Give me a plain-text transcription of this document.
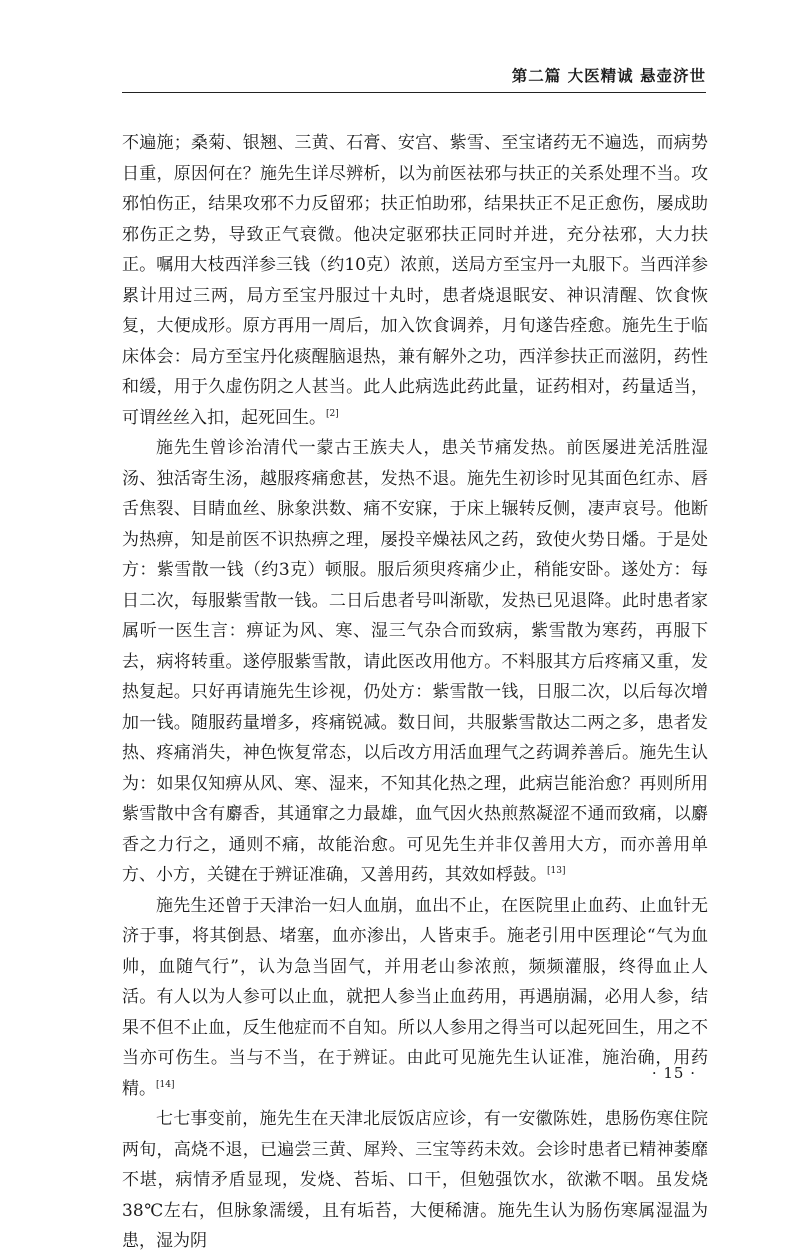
第二篇 大医精诚 悬壶济世

不遍施；桑菊、银翘、三黄、石膏、安宫、紫雪、至宝诸药无不遍选，而病势日重，原因何在？施先生详尽辨析，以为前医祛邪与扶正的关系处理不当。攻邪怕伤正，结果攻邪不力反留邪；扶正怕助邪，结果扶正不足正愈伤，屡成助邪伤正之势，导致正气衰微。他决定驱邪扶正同时并进，充分祛邪，大力扶正。嘱用大枝西洋参三钱（约10克）浓煎，送局方至宝丹一丸服下。当西洋参累计用过三两，局方至宝丹服过十丸时，患者烧退眠安、神识清醒、饮食恢复，大便成形。原方再用一周后，加入饮食调养，月旬遂告痊愈。施先生于临床体会：局方至宝丹化痰醒脑退热，兼有解外之功，西洋参扶正而滋阴，药性和缓，用于久虚伤阴之人甚当。此人此病选此药此量，证药相对，药量适当，可谓丝丝入扣，起死回生。[2]

施先生曾诊治清代一蒙古王族夫人，患关节痛发热。前医屡进羌活胜湿汤、独活寄生汤，越服疼痛愈甚，发热不退。施先生初诊时见其面色红赤、唇舌焦裂、目睛血丝、脉象洪数、痛不安寐，于床上辗转反侧，凄声哀号。他断为热痹，知是前医不识热痹之理，屡投辛燥祛风之药，致使火势日燔。于是处方：紫雪散一钱（约3克）顿服。服后须臾疼痛少止，稍能安卧。遂处方：每日二次，每服紫雪散一钱。二日后患者号叫渐歇，发热已见退降。此时患者家属听一医生言：痹证为风、寒、湿三气杂合而致病，紫雪散为寒药，再服下去，病将转重。遂停服紫雪散，请此医改用他方。不料服其方后疼痛又重，发热复起。只好再请施先生诊视，仍处方：紫雪散一钱，日服二次，以后每次增加一钱。随服药量增多，疼痛锐减。数日间，共服紫雪散达二两之多，患者发热、疼痛消失，神色恢复常态，以后改方用活血理气之药调养善后。施先生认为：如果仅知痹从风、寒、湿来，不知其化热之理，此病岂能治愈？再则所用紫雪散中含有麝香，其通窜之力最雄，血气因火热煎熬凝涩不通而致痛，以麝香之力行之，通则不痛，故能治愈。可见先生并非仅善用大方，而亦善用单方、小方，关键在于辨证准确，又善用药，其效如桴鼓。[13]

施先生还曾于天津治一妇人血崩，血出不止，在医院里止血药、止血针无济于事，将其倒悬、堵塞，血亦渗出，人皆束手。施老引用中医理论“气为血帅，血随气行”，认为急当固气，并用老山参浓煎，频频灌服，终得血止人活。有人以为人参可以止血，就把人参当止血药用，再遇崩漏，必用人参，结果不但不止血，反生他症而不自知。所以人参用之得当可以起死回生，用之不当亦可伤生。当与不当，在于辨证。由此可见施先生认证准，施治确，用药精。[14]

七七事变前，施先生在天津北辰饭店应诊，有一安徽陈姓，患肠伤寒住院两旬，高烧不退，已遍尝三黄、犀羚、三宝等药未效。会诊时患者已精神萎靡不堪，病情矛盾显现，发烧、苔垢、口干，但勉强饮水，欲漱不咽。虽发烧38℃左右，但脉象濡缓，且有垢苔，大便稀溏。施先生认为肠伤寒属湿温为患，湿为阴

· 15 ·
